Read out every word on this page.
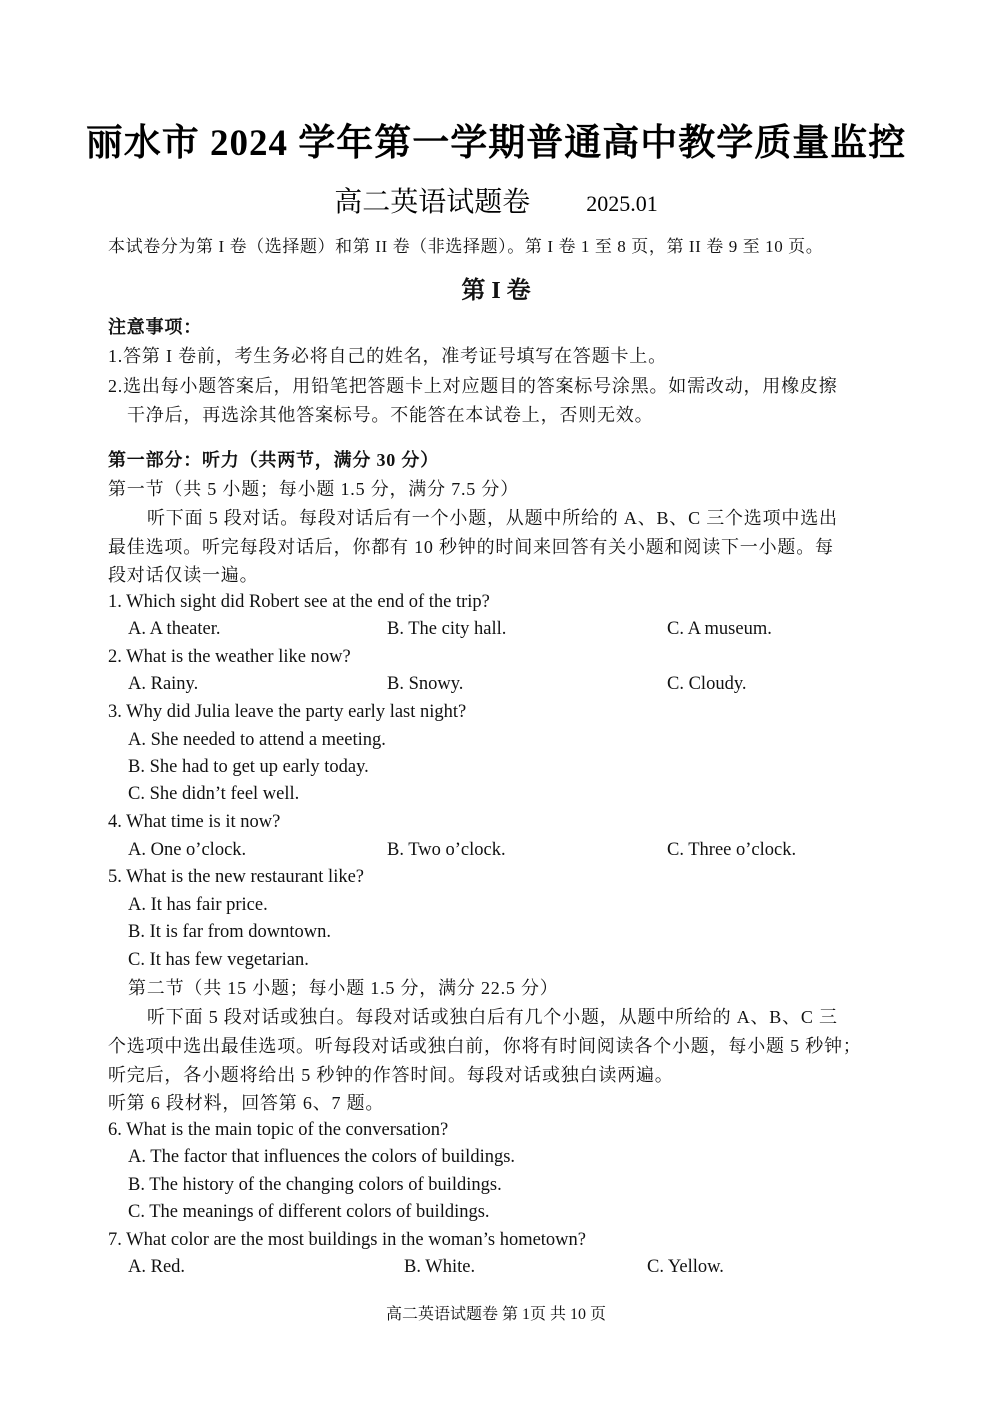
丽水市 2024 学年第一学期普通高中教学质量监控
高二英语试题卷	2025.01
本试卷分为第 I 卷（选择题）和第 II 卷（非选择题）。第 I 卷 1 至 8 页，第 II 卷 9 至 10 页。
第 I 卷
注意事项：
1.答第 I 卷前，考生务必将自己的姓名，准考证号填写在答题卡上。
2.选出每小题答案后，用铅笔把答题卡上对应题目的答案标号涂黑。如需改动，用橡皮擦
干净后，再选涂其他答案标号。不能答在本试卷上，否则无效。
第一部分：听力（共两节，满分 30 分）
第一节（共 5 小题；每小题 1.5 分，满分 7.5 分）
听下面 5 段对话。每段对话后有一个小题，从题中所给的 A、B、C 三个选项中选出
最佳选项。听完每段对话后，你都有 10 秒钟的时间来回答有关小题和阅读下一小题。每
段对话仅读一遍。
1. Which sight did Robert see at the end of the trip?
A. A theater.	B. The city hall.	C. A museum.
2. What is the weather like now?
A. Rainy.	B. Snowy.	C. Cloudy.
3. Why did Julia leave the party early last night?
A. She needed to attend a meeting.
B. She had to get up early today.
C. She didn’t feel well.
4. What time is it now?
A. One o’clock.	B. Two o’clock.	C. Three o’clock.
5. What is the new restaurant like?
A. It has fair price.
B. It is far from downtown.
C. It has few vegetarian.
第二节（共 15 小题；每小题 1.5 分，满分 22.5 分）
听下面 5 段对话或独白。每段对话或独白后有几个小题，从题中所给的 A、B、C 三
个选项中选出最佳选项。听每段对话或独白前，你将有时间阅读各个小题，每小题 5 秒钟；
听完后，各小题将给出 5 秒钟的作答时间。每段对话或独白读两遍。
听第 6 段材料，回答第 6、7 题。
6. What is the main topic of the conversation?
A. The factor that influences the colors of buildings.
B. The history of the changing colors of buildings.
C. The meanings of different colors of buildings.
7. What color are the most buildings in the woman’s hometown?
A. Red.	B. White.	C. Yellow.
高二英语试题卷 第 1页 共 10 页
